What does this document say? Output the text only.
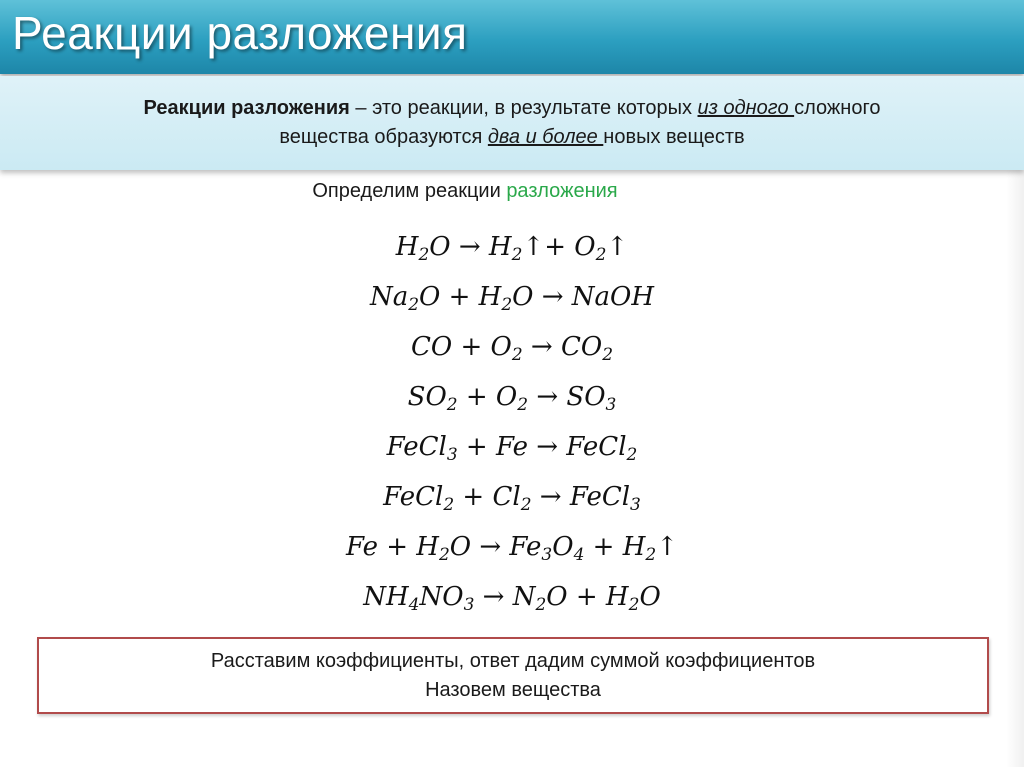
Реакции разложения
Реакции разложения – это реакции, в результате которых из одного сложного
вещества образуются два и более новых веществ
Определим реакции разложения
$H_2O$ → $H_2↑+$ $O_2↑$
$Na_2O + H_2O$ → NaOH
CO + $O_2 \to CO_2$
$SO_2 + O_2 \to SO_3$
FeCl$_3$ + Fe → FeCl$_2$
FeCl$_2$ + $Cl_2$ → FeCl$_3$
$Fe + H_2O \to Fe_3O_4$ + $H_2↑$
$NH_4NO_3 \to N_2O + H_2O$
Расставим коэффициенты, ответ дадим суммой коэффициентов
Назовем вещества
